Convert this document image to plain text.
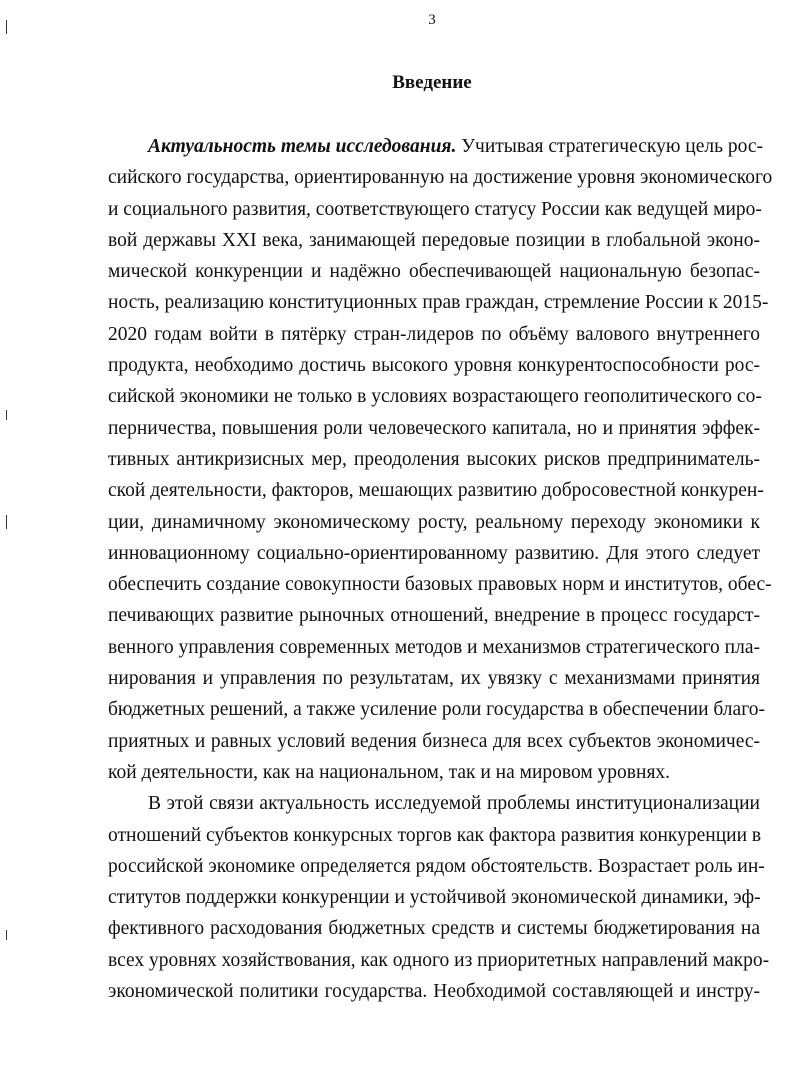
3
Введение
Актуальность темы исследования. Учитывая стратегическую цель рос-
сийского государства, ориентированную на достижение уровня экономического
и социального развития, соответствующего статусу России как ведущей миро-
вой державы XXI века, занимающей передовые позиции в глобальной эконо-
мической конкуренции и надёжно обеспечивающей национальную безопас-
ность, реализацию конституционных прав граждан, стремление России к 2015-
2020 годам войти в пятёрку стран-лидеров по объёму валового внутреннего
продукта, необходимо достичь высокого уровня конкурентоспособности рос-
сийской экономики не только в условиях возрастающего геополитического со-
перничества, повышения роли человеческого капитала, но и принятия эффек-
тивных антикризисных мер, преодоления высоких рисков предприниматель-
ской деятельности, факторов, мешающих развитию добросовестной конкурен-
ции, динамичному экономическому росту, реальному переходу экономики к
инновационному социально-ориентированному развитию. Для этого следует
обеспечить создание совокупности базовых правовых норм и институтов, обес-
печивающих развитие рыночных отношений, внедрение в процесс государст-
венного управления современных методов и механизмов стратегического пла-
нирования и управления по результатам, их увязку с механизмами принятия
бюджетных решений, а также усиление роли государства в обеспечении благо-
приятных и равных условий ведения бизнеса для всех субъектов экономичес-
кой деятельности, как на национальном, так и на мировом уровнях.
В этой связи актуальность исследуемой проблемы институционализации
отношений субъектов конкурсных торгов как фактора развития конкуренции в
российской экономике определяется рядом обстоятельств. Возрастает роль ин-
ститутов поддержки конкуренции и устойчивой экономической динамики, эф-
фективного расходования бюджетных средств и системы бюджетирования на
всех уровнях хозяйствования, как одного из приоритетных направлений макро-
экономической политики государства. Необходимой составляющей и инстру-
